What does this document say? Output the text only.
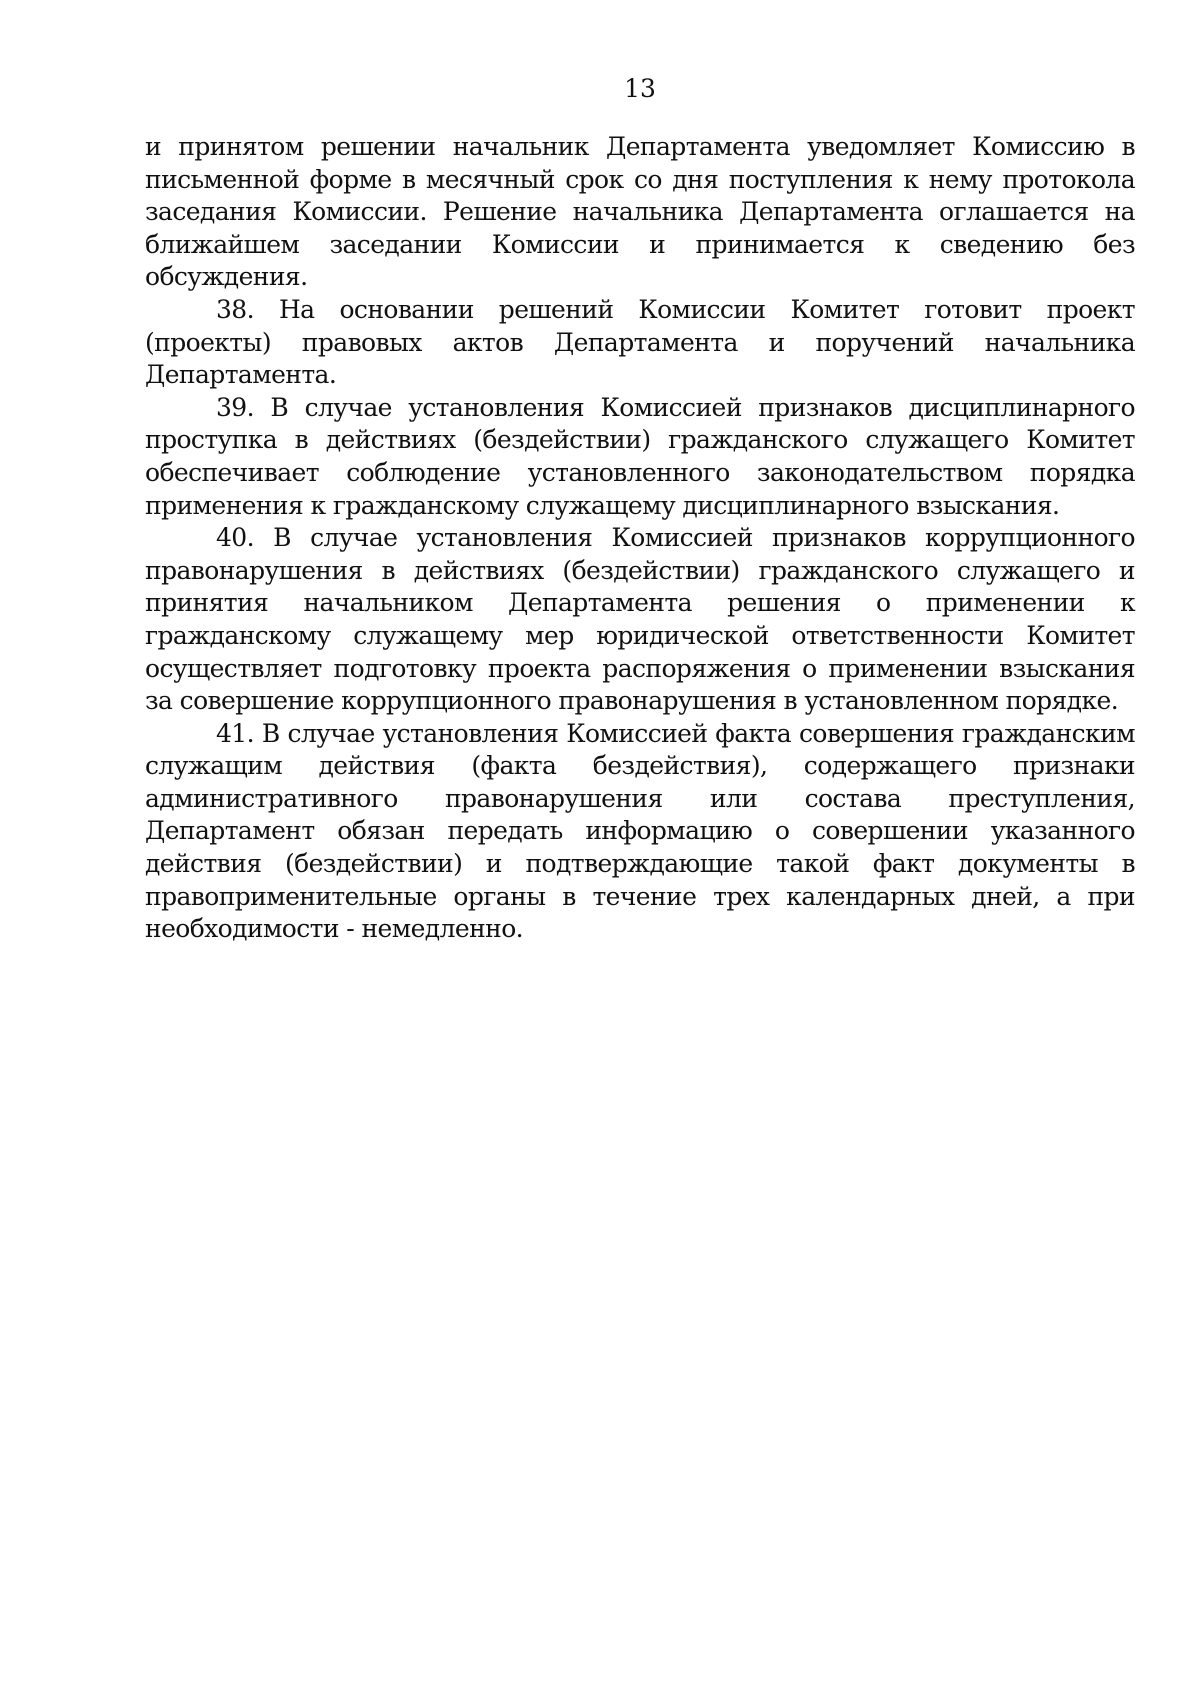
13

и принятом решении начальник Департамента уведомляет Комиссию в письменной форме в месячный срок со дня поступления к нему протокола заседания Комиссии. Решение начальника Департамента оглашается на ближайшем заседании Комиссии и принимается к сведению без обсуждения.

38. На основании решений Комиссии Комитет готовит проект (проекты) правовых актов Департамента и поручений начальника Департамента.

39. В случае установления Комиссией признаков дисциплинарного проступка в действиях (бездействии) гражданского служащего Комитет обеспечивает соблюдение установленного законодательством порядка применения к гражданскому служащему дисциплинарного взыскания.

40. В случае установления Комиссией признаков коррупционного правонарушения в действиях (бездействии) гражданского служащего и принятия начальником Департамента решения о применении к гражданскому служащему мер юридической ответственности Комитет осуществляет подготовку проекта распоряжения о применении взыскания за совершение коррупционного правонарушения в установленном порядке.

41. В случае установления Комиссией факта совершения гражданским служащим действия (факта бездействия), содержащего признаки административного правонарушения или состава преступления, Департамент обязан передать информацию о совершении указанного действия (бездействии) и подтверждающие такой факт документы в правоприменительные органы в течение трех календарных дней, а при необходимости - немедленно.
